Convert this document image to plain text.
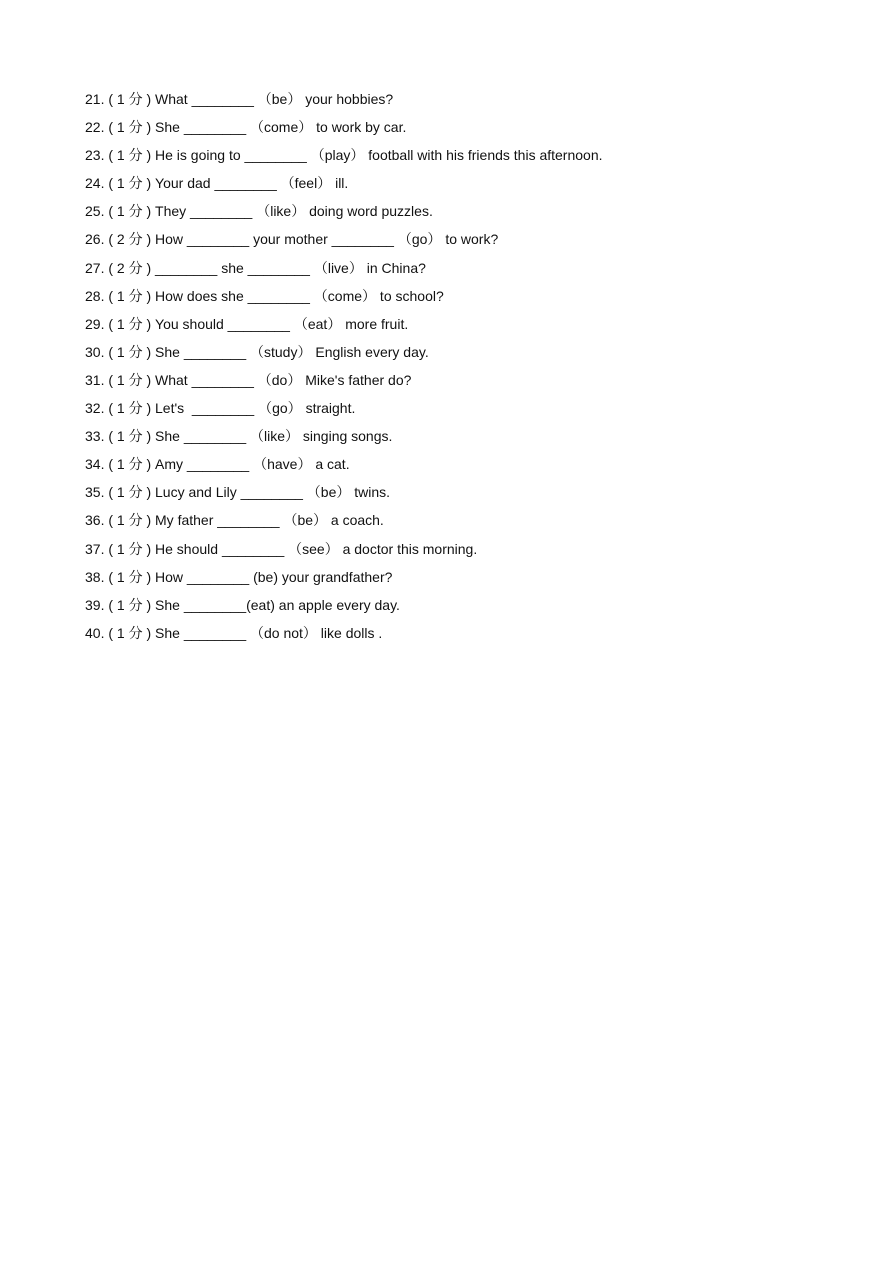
21. ( 1 分 ) What ________ （be） your hobbies?
22. ( 1 分 ) She ________ （come） to work by car.
23. ( 1 分 ) He is going to ________ （play） football with his friends this afternoon.
24. ( 1 分 ) Your dad ________ （feel） ill.
25. ( 1 分 ) They ________ （like） doing word puzzles.
26. ( 2 分 ) How ________ your mother ________ （go） to work?
27. ( 2 分 ) ________ she ________ （live） in China?
28. ( 1 分 ) How does she ________ （come） to school?
29. ( 1 分 ) You should ________ （eat） more fruit.
30. ( 1 分 ) She ________ （study） English every day.
31. ( 1 分 ) What ________ （do） Mike's father do?
32. ( 1 分 ) Let's  ________ （go） straight.
33. ( 1 分 ) She ________ （like） singing songs.
34. ( 1 分 ) Amy ________ （have） a cat.
35. ( 1 分 ) Lucy and Lily ________ （be） twins.
36. ( 1 分 ) My father ________ （be） a coach.
37. ( 1 分 ) He should ________ （see） a doctor this morning.
38. ( 1 分 ) How ________ (be) your grandfather?
39. ( 1 分 ) She ________(eat) an apple every day.
40. ( 1 分 ) She ________ （do not） like dolls .
